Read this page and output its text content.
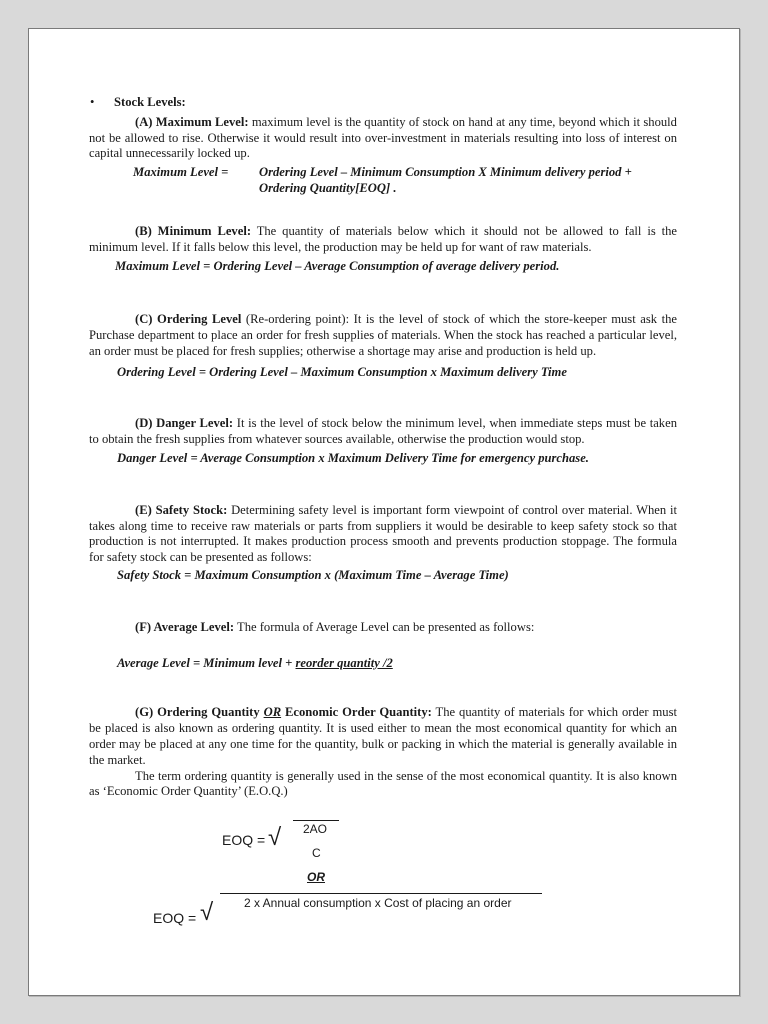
• Stock Levels:

(A) Maximum Level: maximum level is the quantity of stock on hand at any time, beyond which it should not be allowed to rise. Otherwise it would result into over-investment in materials resulting into loss of interest on capital unnecessarily locked up.

Maximum Level =	Ordering Level – Minimum Consumption X Minimum delivery period + Ordering Quantity[EOQ] .

(B) Minimum Level: The quantity of materials below which it should not be allowed to fall is the minimum level. If it falls below this level, the production may be held up for want of raw materials.

Maximum Level = Ordering Level – Average Consumption of average delivery period.

(C) Ordering Level (Re-ordering point): It is the level of stock of which the store-keeper must ask the Purchase department to place an order for fresh supplies of materials. When the stock has reached a particular level, an order must be placed for fresh supplies; otherwise a shortage may arise and production is held up.

Ordering Level = Ordering Level – Maximum Consumption x Maximum delivery Time

(D) Danger Level: It is the level of stock below the minimum level, when immediate steps must be taken to obtain the fresh supplies from whatever sources available, otherwise the production would stop.

Danger Level = Average Consumption x Maximum Delivery Time for emergency purchase.

(E) Safety Stock: Determining safety level is important form viewpoint of control over material. When it takes along time to receive raw materials or parts from suppliers it would be desirable to keep safety stock so that production is not interrupted. It makes production process smooth and prevents production stoppage. The formula for safety stock can be presented as follows:

Safety Stock = Maximum Consumption x (Maximum Time – Average Time)

(F) Average Level: The formula of Average Level can be presented as follows:

Average Level = Minimum level + reorder quantity /2

(G) Ordering Quantity OR Economic Order Quantity: The quantity of materials for which order must be placed is also known as ordering quantity. It is used either to mean the most economical quantity for which an order may be placed at any one time for the quantity, bulk or packing in which the material is generally available in the market.

The term ordering quantity is generally used in the sense of the most economical quantity. It is also known as ‘Economic Order Quantity’ (E.O.Q.)

EOQ = √ 2AO
C
OR
2 x Annual consumption x Cost of placing an order
√
EOQ =
